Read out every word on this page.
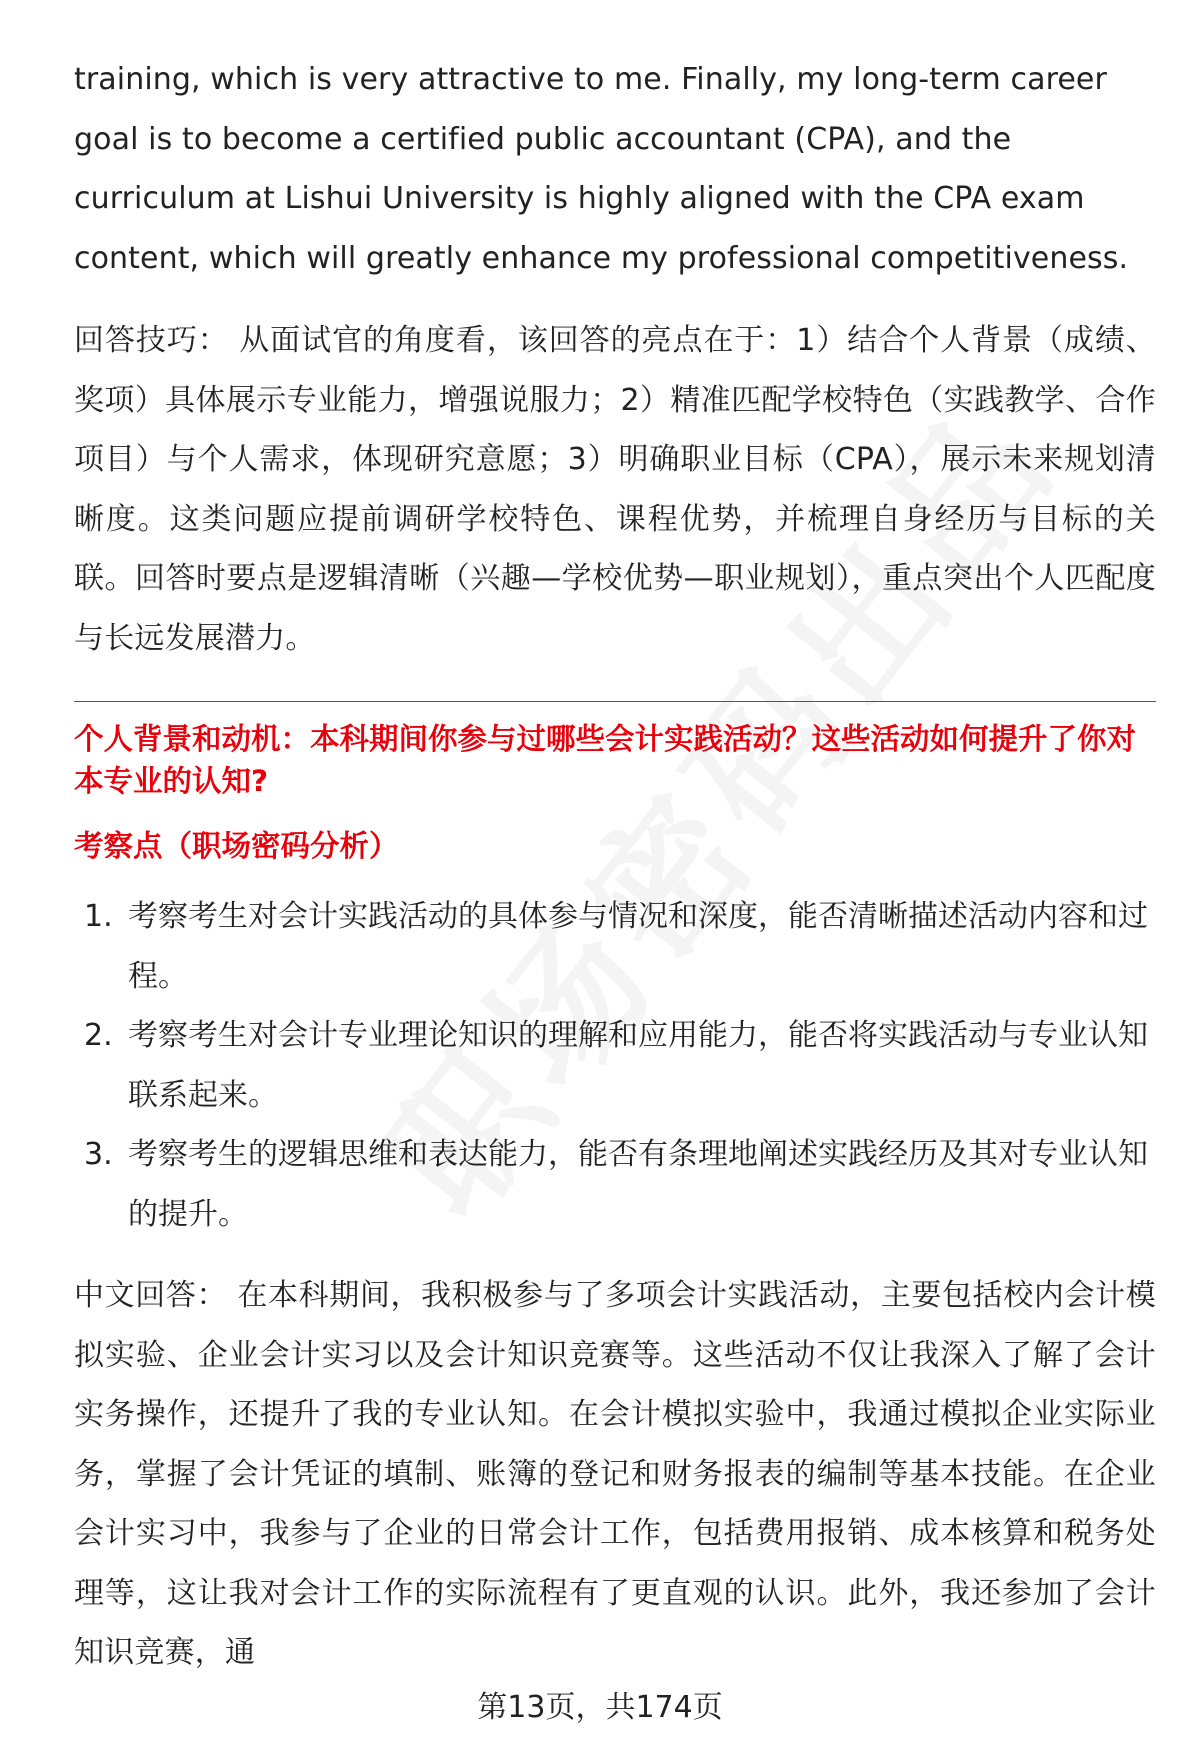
training, which is very attractive to me. Finally, my long-term career goal is to become a certified public accountant (CPA), and the curriculum at Lishui University is highly aligned with the CPA exam content, which will greatly enhance my professional competitiveness.

回答技巧： 从面试官的角度看，该回答的亮点在于：1）结合个人背景（成绩、奖项）具体展示专业能力，增强说服力；2）精准匹配学校特色（实践教学、合作项目）与个人需求，体现研究意愿；3）明确职业目标（CPA），展示未来规划清晰度。这类问题应提前调研学校特色、课程优势，并梳理自身经历与目标的关联。回答时要点是逻辑清晰（兴趣—学校优势—职业规划），重点突出个人匹配度与长远发展潜力。

个人背景和动机：本科期间你参与过哪些会计实践活动？这些活动如何提升了你对本专业的认知?
考察点（职场密码分析）
1. 考察考生对会计实践活动的具体参与情况和深度，能否清晰描述活动内容和过程。
2. 考察考生对会计专业理论知识的理解和应用能力，能否将实践活动与专业认知联系起来。
3. 考察考生的逻辑思维和表达能力，能否有条理地阐述实践经历及其对专业认知的提升。

中文回答： 在本科期间，我积极参与了多项会计实践活动，主要包括校内会计模拟实验、企业会计实习以及会计知识竞赛等。这些活动不仅让我深入了解了会计实务操作，还提升了我的专业认知。在会计模拟实验中，我通过模拟企业实际业务，掌握了会计凭证的填制、账簿的登记和财务报表的编制等基本技能。在企业会计实习中，我参与了企业的日常会计工作，包括费用报销、成本核算和税务处理等，这让我对会计工作的实际流程有了更直观的认识。此外，我还参加了会计知识竞赛，通

第13页，共174页
